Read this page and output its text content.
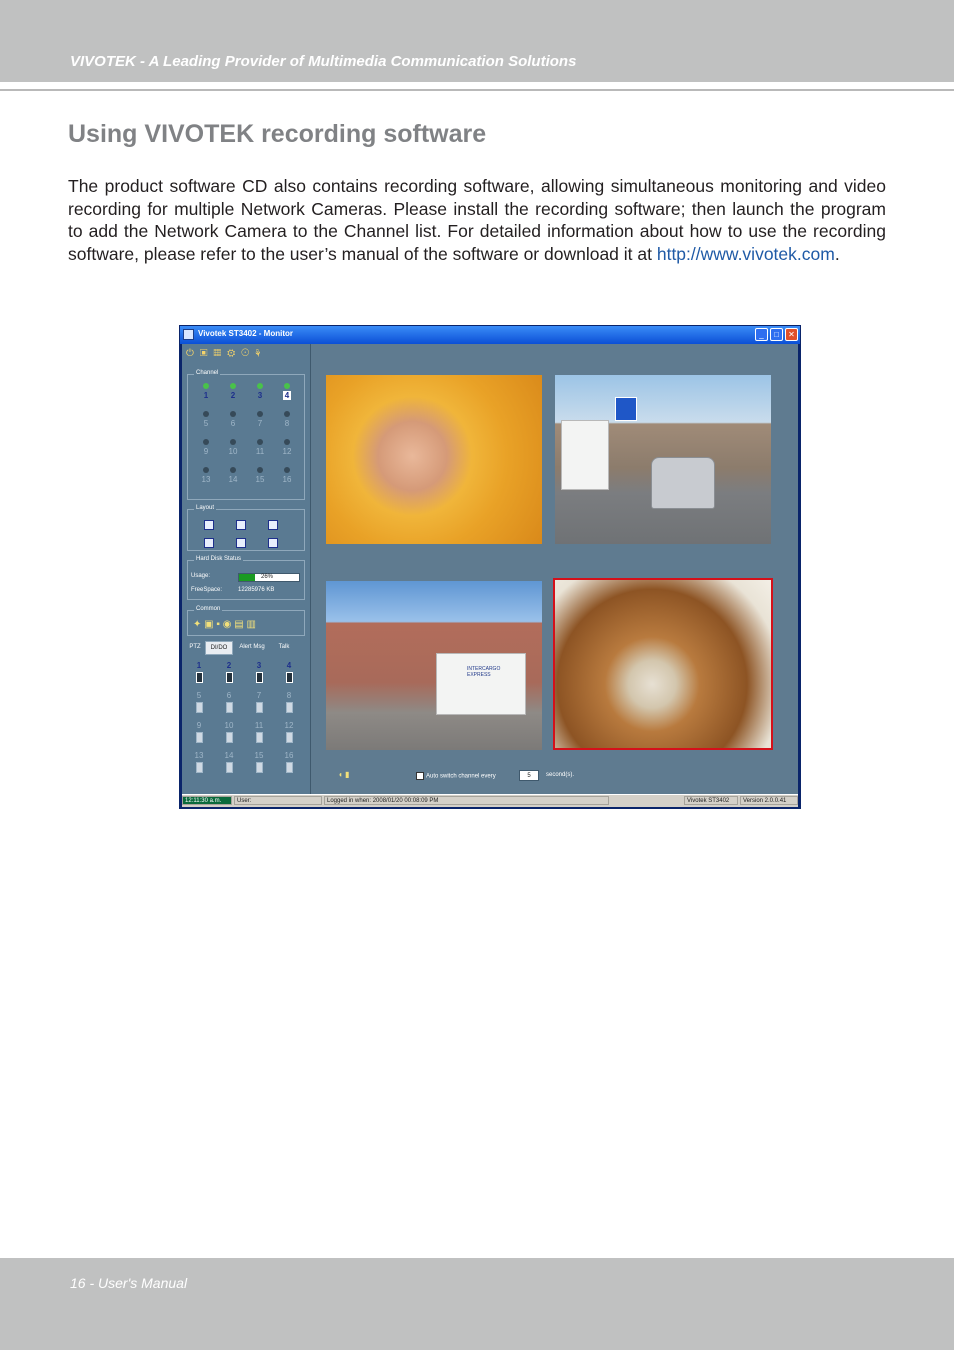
VIVOTEK - A Leading Provider of Multimedia Communication Solutions
Using VIVOTEK recording software

The product software CD also contains recording software, allowing simultaneous monitoring and video recording for multiple Network Cameras. Please install the recording software; then launch the program to add the Network Camera to the Channel list. For detailed information about how to use the recording software, please refer to the user’s manual of the software or download it at http://www.vivotek.com.

Vivotek ST3402 - Monitor	_	□	✕
⏻▣▦⚙☉⚘
Channel
1	2	3	4
5	6	7	8
9	10	11	12
13	14	15	16
Layout
Hard Disk Status
Usage:	26%
FreeSpace:	12285976 KB
Common
✦ ▣ ▪ ◉ ▤ ▥
PTZ	DI/DO	Alert Msg	Talk
1	2	3	4
5	6	7	8
9	10	11	12
13	14	15	16
INTERCARGO EXPRESS
◖ ▮	Auto switch channel every	5	second(s).
12:11:30 a.m.	User:	Logged in when: 2008/01/20 00:08:09 PM	Vivotek ST3402	Version 2.0.0.41
16 - User's Manual
